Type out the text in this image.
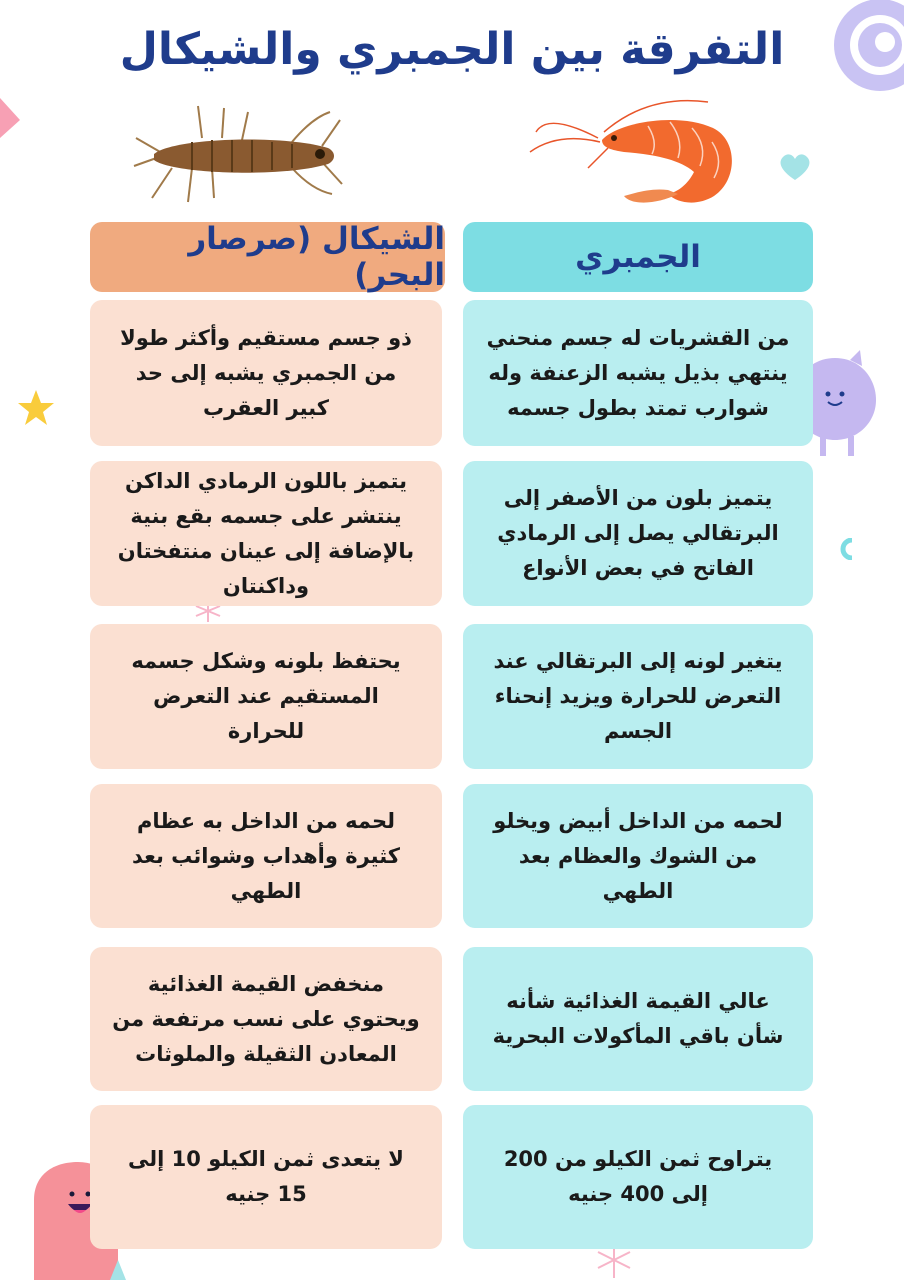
التفرقة بين الجمبري والشيكال
الشيكال (صرصار البحر)	الجمبري
ذو جسم مستقيم وأكثر طولا من الجمبري يشبه إلى حد كبير العقرب
من القشريات له جسم منحني ينتهي بذيل يشبه الزعنفة وله شوارب تمتد بطول جسمه
يتميز باللون الرمادي الداكن ينتشر على جسمه بقع بنية بالإضافة إلى عينان منتفختان وداكنتان
يتميز بلون من الأصفر إلى البرتقالي يصل إلى الرمادي الفاتح في بعض الأنواع
يحتفظ بلونه وشكل جسمه المستقيم عند التعرض للحرارة
يتغير لونه إلى البرتقالي عند التعرض للحرارة ويزيد إنحناء الجسم
لحمه من الداخل به عظام كثيرة وأهداب وشوائب بعد الطهي
لحمه من الداخل أبيض ويخلو من الشوك والعظام بعد الطهي
منخفض القيمة الغذائية ويحتوي على نسب مرتفعة من المعادن الثقيلة والملوثات
عالي القيمة الغذائية شأنه شأن باقي المأكولات البحرية
لا يتعدى ثمن الكيلو 10 إلى 15 جنيه
يتراوح ثمن الكيلو من 200 إلى 400 جنيه
